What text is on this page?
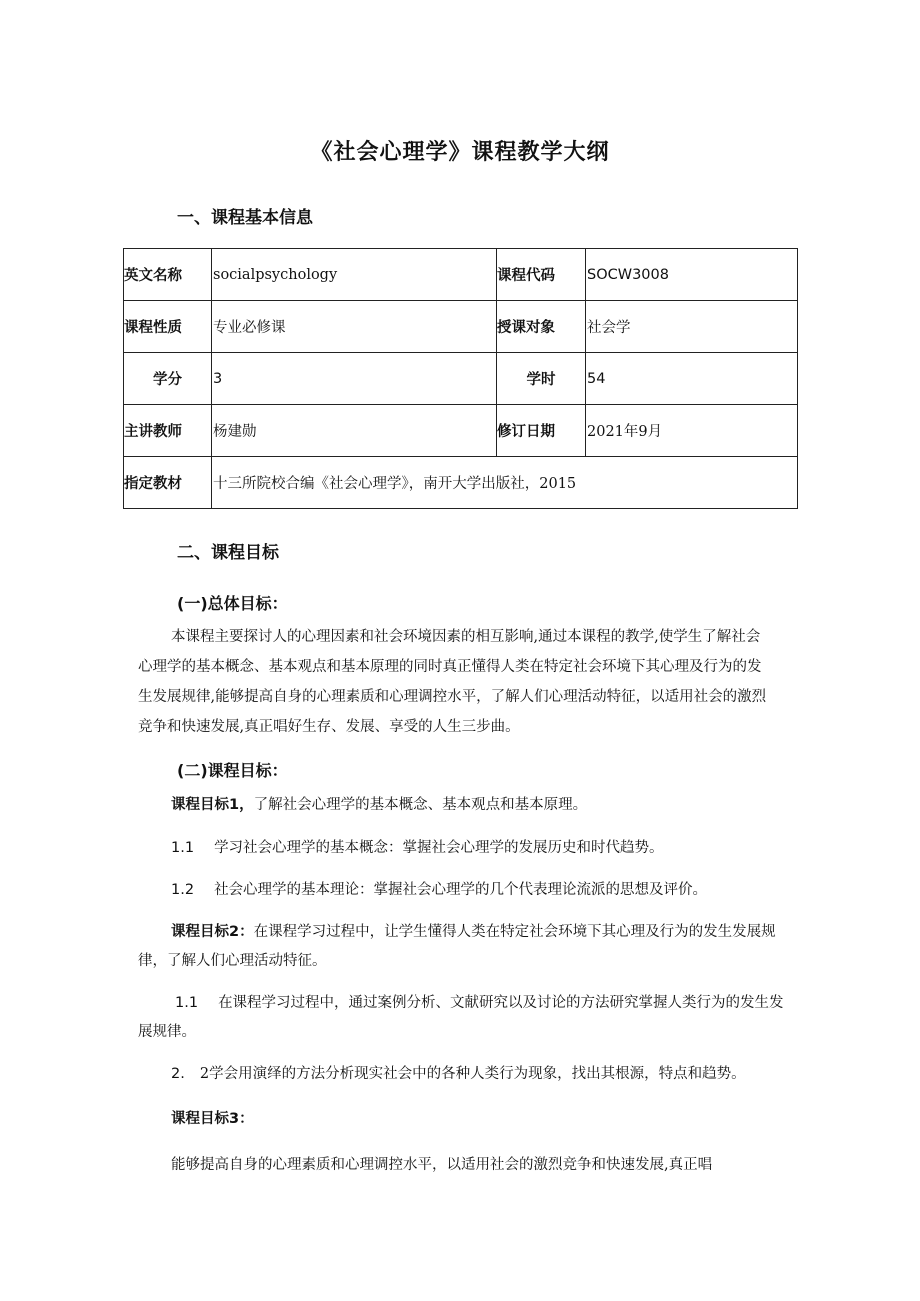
《社会心理学》课程教学大纲
一、课程基本信息
英文名称	socialpsychology	课程代码	SOCW3008
课程性质	专业必修课	授课对象	社会学
学分	3	学时	54
主讲教师	杨建勋	修订日期	2021年9月
指定教材	十三所院校合编《社会心理学》，南开大学出版社，2015		
二、课程目标
(一)总体目标：
本课程主要探讨人的心理因素和社会环境因素的相互影响,通过本课程的教学,使学生了解社会
心理学的基本概念、基本观点和基本原理的同时真正懂得人类在特定社会环境下其心理及行为的发
生发展规律,能够提高自身的心理素质和心理调控水平，了解人们心理活动特征，以适用社会的激烈
竞争和快速发展,真正唱好生存、发展、享受的人生三步曲。
(二)课程目标：
课程目标1，了解社会心理学的基本概念、基本观点和基本原理。
1.1 学习社会心理学的基本概念：掌握社会心理学的发展历史和时代趋势。
1.2 社会心理学的基本理论：掌握社会心理学的几个代表理论流派的思想及评价。
课程目标2：在课程学习过程中，让学生懂得人类在特定社会环境下其心理及行为的发生发展规
律，了解人们心理活动特征。
1.1 在课程学习过程中，通过案例分析、文献研究以及讨论的方法研究掌握人类行为的发生发
展规律。
2. 2学会用演绎的方法分析现实社会中的各种人类行为现象，找出其根源，特点和趋势。
课程目标3：
能够提高自身的心理素质和心理调控水平，以适用社会的激烈竞争和快速发展,真正唱
